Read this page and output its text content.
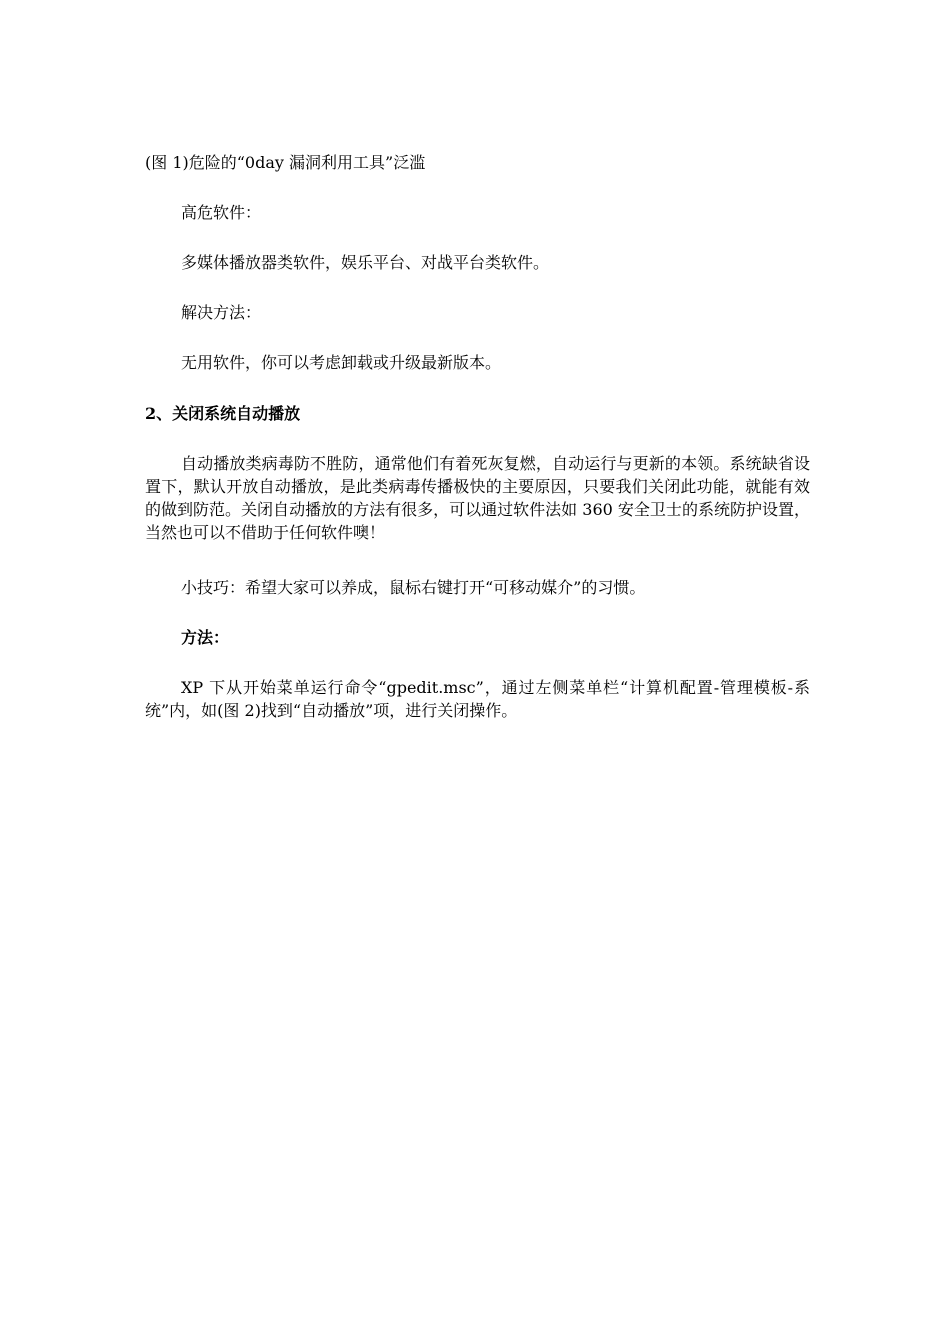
(图 1)危险的“0day 漏洞利用工具”泛滥

高危软件：

多媒体播放器类软件，娱乐平台、对战平台类软件。

解决方法：

无用软件，你可以考虑卸载或升级最新版本。

2、关闭系统自动播放

自动播放类病毒防不胜防，通常他们有着死灰复燃，自动运行与更新的本领。系统缺省设置下，默认开放自动播放，是此类病毒传播极快的主要原因，只要我们关闭此功能，就能有效的做到防范。关闭自动播放的方法有很多，可以通过软件法如 360 安全卫士的系统防护设置，当然也可以不借助于任何软件噢！

小技巧：希望大家可以养成，鼠标右键打开“可移动媒介”的习惯。

方法：

XP 下从开始菜单运行命令“gpedit.msc”，通过左侧菜单栏“计算机配置-管理模板-系统”内，如(图 2)找到“自动播放”项，进行关闭操作。
